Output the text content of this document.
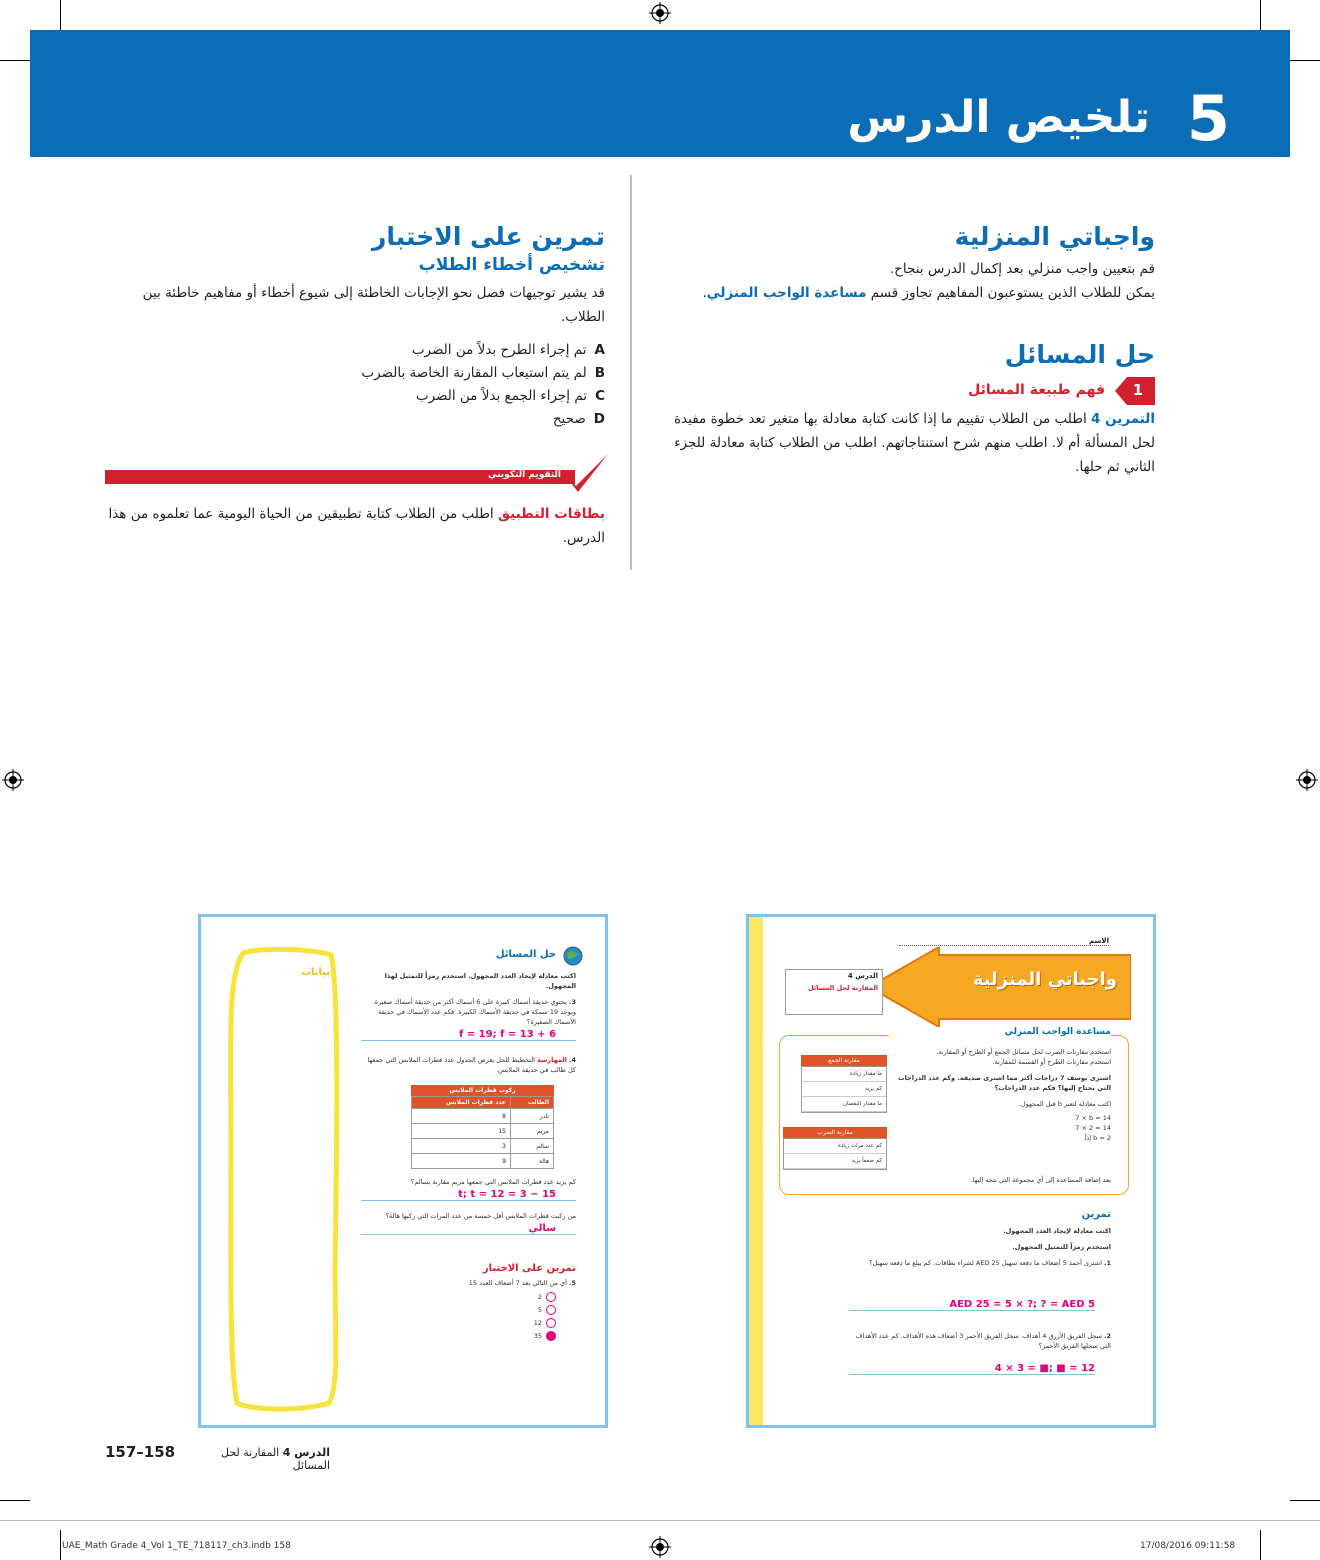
تلخيص الدرس 5
واجباتي المنزلية
قم بتعيين واجب منزلي بعد إكمال الدرس بنجاح.
يمكن للطلاب الذين يستوعبون المفاهيم تجاوز قسم مساعدة الواجب المنزلي.
حل المسائل
1
فهم طبيعة المسائل
التمرين 4 اطلب من الطلاب تقييم ما إذا كانت كتابة معادلة بها متغير تعد خطوة مفيدة لحل المسألة أم لا. اطلب منهم شرح استنتاجاتهم. اطلب من الطلاب كتابة معادلة للجزء الثاني ثم حلها.
تمرين على الاختبار
تشخيص أخطاء الطلاب
قد يشير توجيهات فصل نحو الإجابات الخاطئة إلى شيوع أخطاء أو مفاهيم خاطئة بين الطلاب.
Aتم إجراء الطرح بدلاً من الضرب
Bلم يتم استيعاب المقارنة الخاصة بالضرب
Cتم إجراء الجمع بدلاً من الضرب
Dصحيح
التقويم التكويني
بطاقات التطبيق اطلب من الطلاب كتابة تطبيقين من الحياة اليومية عما تعلموه من هذا الدرس.
بيانات
حل المسائل
اكتب معادلة لإيجاد العدد المجهول. استخدم رمزاً للتمثيل لهذا المجهول.
3. يحتوي حديقة أسماك كبيرة على 6 أسماك أكثر من حديقة أسماك صغيرة. ويوجد 19 سمكة في حديقة الأسماك الكبيرة. فكم عدد الأسماك في حديقة الأسماك الصغيرة؟
6 + f = 19; f = 13
4. المهارسة التخطيط للحل يعرض الجدول عدد قطرات الملابس التي جمعها كل طالب في حديقة الملابس.
ركوب قطرات الملابس
الطالب	عدد قطرات الملابس
نادر	8
مريم	15
سالم	3
هالة	9
كم يزيد عدد قطرات الملابس التي جمعها مريم مقارنة بسالم؟
15 − 3 = t; t = 12
من ركبت قطرات الملابس أقل خمسة من عدد المرات التي ركبها هالة؟
سالي
تمرين على الاختبار
5. أي من التالي يعد 7 أضعاف العدد 15
2
5
12
35
الاسم
واجباتي المنزلية
الدرس 4
المقارنة لحل المسائل
مساعدة الواجب المنزلي
مقارنة الجمع
ما مقدار زيادة
كم يزيد
ما مقدار النقصان
مقارنة الضرب
كم عدد مرات زيادة
كم ضعفاً يزيد
استخدم مقارنات الضرب لحل مسائل الجمع أو الطرح أو المقارنة.
استخدم مقارنات الطرح أو القسمة للمقارنة.
اشترى يوسف 7 دراجات أكثر مما اشترى صديقه. وكم عدد الدراجات التي يحتاج إليها؟ فكم عدد الدراجات؟
اكتب معادلة لتعبر b قبل المجهول.
7 × b = 14
7 × 2 = 14
b = 2 إذاً
بعد إضافة المساعدة إلى أي مجموعة التي تتجه إليها.
تمرين
اكتب معادلة لإيجاد العدد المجهول.
استخدم رمزاً للتمثيل المجهول.
1. اشترى أحمد 5 أضعاف ما دفعه سهيل AED 25 لشراء بطاقات. كم يبلغ ما دفعه سهيل؟
AED 25 = 5 × ?; ? = AED 5
2. سجل الفريق الأزرق 4 أهداف. سجل الفريق الأحمر 3 أضعاف هذه الأهداف. كم عدد الأهداف التي سجلها الفريق الأحمر؟
4 × 3 = ■; ■ = 12
157–158	الدرس 4 المقارنة لحل المسائل
UAE_Math Grade 4_Vol 1_TE_718117_ch3.indb 158	17/08/2016 09:11:58
